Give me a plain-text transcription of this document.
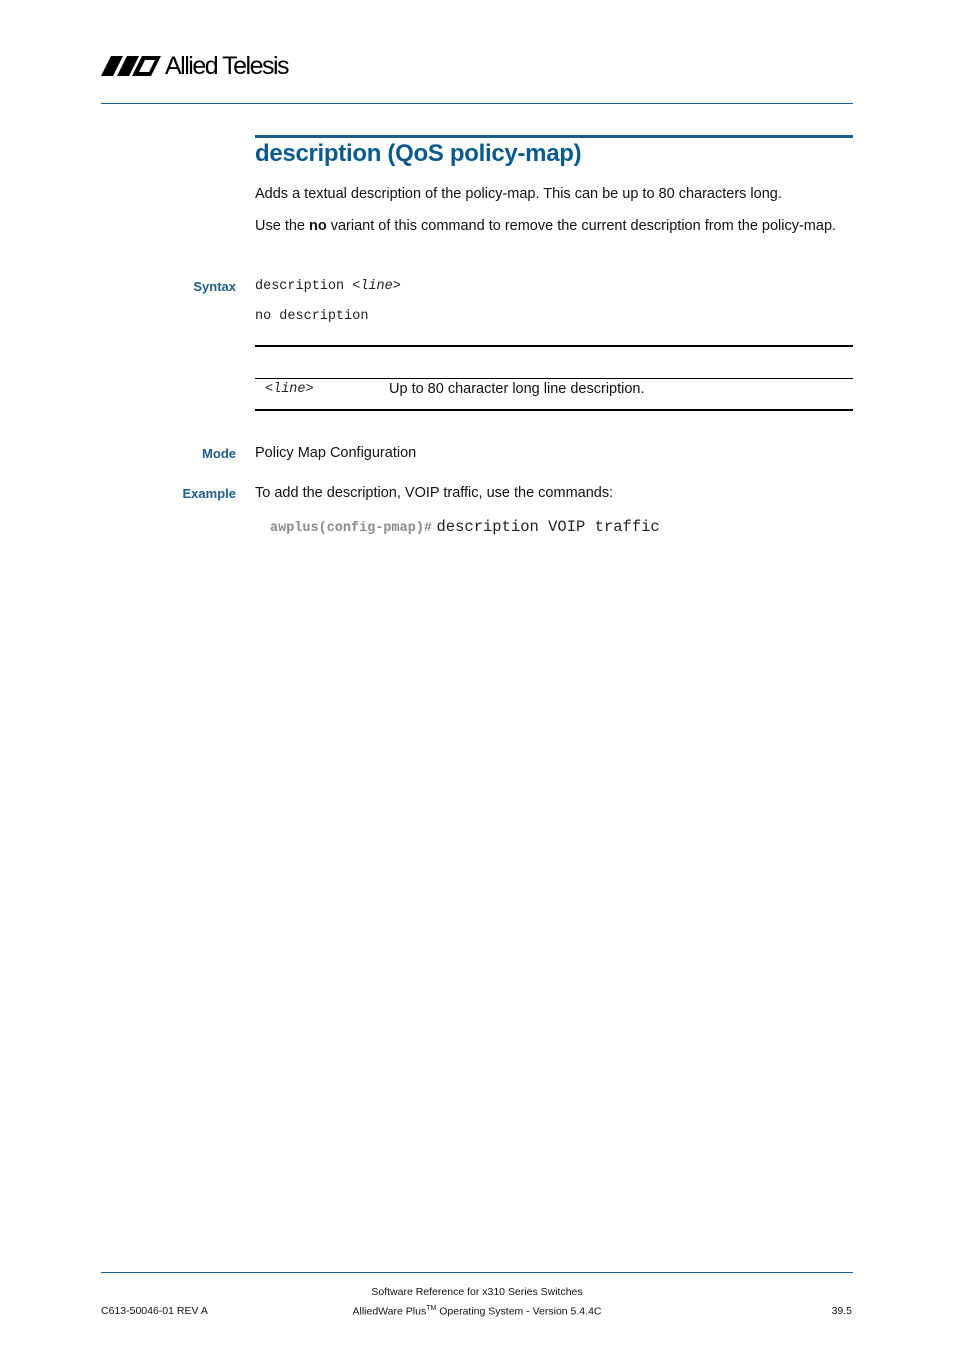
Allied Telesis
description (QoS policy-map)
Adds a textual description of the policy-map. This can be up to 80 characters long.
Use the no variant of this command to remove the current description from the policy-map.
Syntax description <line>
no description
<line>	Up to 80 character long line description.
Mode Policy Map Configuration
Example To add the description, VOIP traffic, use the commands:
awplus(config-pmap)# description VOIP traffic
Software Reference for x310 Series Switches
AlliedWare Plus™ Operating System - Version 5.4.4C
C613-50046-01 REV A	39.5
